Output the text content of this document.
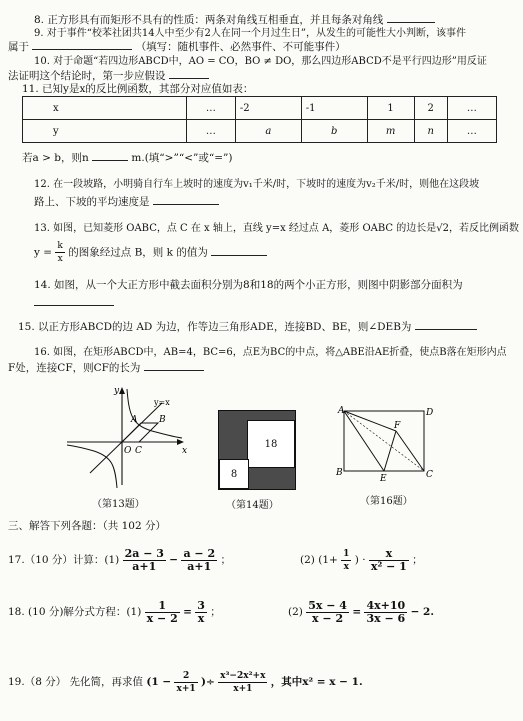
8. 正方形具有而矩形不具有的性质：两条对角线互相垂直，并且每条对角线
9. 对于事件“校苯社团共14人中至少有2人在同一个月过生日”，从发生的可能性大小判断，该事件
属于	（填写：随机事件、必然事件、不可能事件）
10. 对于命题“若四边形ABCD中，AO = CO，BO ≠ DO，那么四边形ABCD不是平行四边形”用反证
法证明这个结论时，第一步应假设
11. 已知y是x的反比例函数，其部分对应值如表：
x	…	-2	-1	1	2	…
y	…	a	b	m	n	…
若a > b，则n	m.(填“>”“<”或“=”)
12. 在一段坡路，小明骑自行车上坡时的速度为v₁千米/时，下坡时的速度为v₂千米/时，则他在这段坡
路上、下坡的平均速度是
13. 如图，已知菱形 OABC，点 C 在 x 轴上，直线 y=x 经过点 A，菱形 OABC 的边长是√2，若反比例函数
$y = \frac{k}{x}$ 的图象经过点 B，则 k 的值为
14. 如图，从一个大正方形中截去面积分别为8和18的两个小正方形，则图中阴影部分面积为
15. 以正方形ABCD的边 AD 为边，作等边三角形ADE，连接BD、BE，则∠DEB为
16. 如图，在矩形ABCD中，AB=4，BC=6，点E为BC的中点，将△ABE沿AE折叠，使点B落在矩形内点
F处，连接CF，则CF的长为
y
y=x
A B
O C	x
（第13题）
18
8
（第14题）
A	D
F
B
E	C
（第16题）
三、解答下列各题：（共 102 分）
17.（10 分）计算：$(1) \frac{2a - 3}{a+1} - \frac{a - 2}{a+1}$ ；	(2) ($1+ \frac{1}{x}$ ) · $\frac{x}{\text{x² − 1}}$ ；
18. (10 分)解分式方程：$(1) \frac{1}{x - 2} = \frac{3}{x}$ ；	$(2) \frac{5x - 4}{x - 2} = \frac{4x+10}{3x - 6} - 2$.
19.（8 分） 先化简，再求值 ($1 - \frac{2}{x+1}$ )÷ $\frac{\text{x³−2x²+x}}{x+1}$ ，其中x² = x − 1.
